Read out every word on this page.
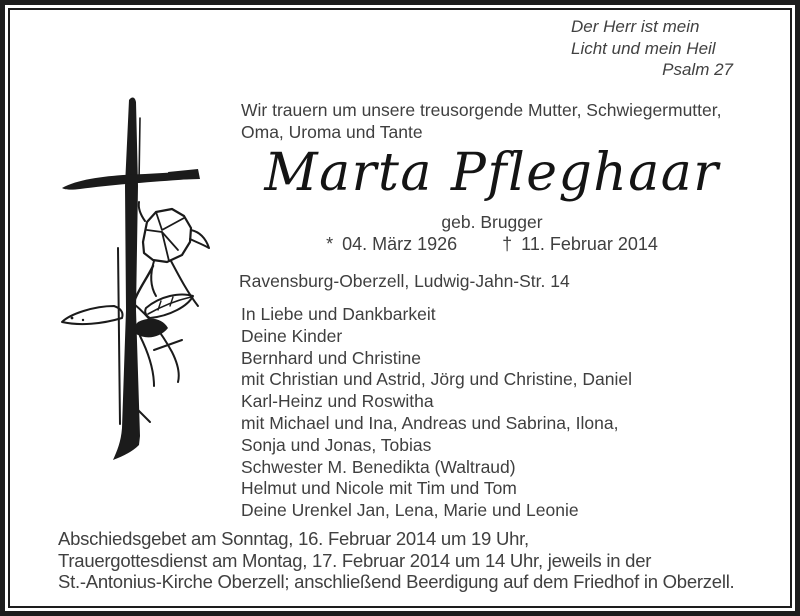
Der Herr ist mein
Licht und mein Heil
Psalm 27

Wir trauern um unsere treusorgende Mutter, Schwiegermutter, Oma, Uroma und Tante

Marta Pfleghaar
geb. Brugger
* 04. März 1926	† 11. Februar 2014
Ravensburg-Oberzell, Ludwig-Jahn-Str. 14
In Liebe und Dankbarkeit
Deine Kinder
Bernhard und Christine
mit Christian und Astrid, Jörg und Christine, Daniel
Karl-Heinz und Roswitha
mit Michael und Ina, Andreas und Sabrina, Ilona,
Sonja und Jonas, Tobias
Schwester M. Benedikta (Waltraud)
Helmut und Nicole mit Tim und Tom
Deine Urenkel Jan, Lena, Marie und Leonie
Abschiedsgebet am Sonntag, 16. Februar 2014 um 19 Uhr,
Trauergottesdienst am Montag, 17. Februar 2014 um 14 Uhr, jeweils in der
St.-Antonius-Kirche Oberzell; anschließend Beerdigung auf dem Friedhof in Oberzell.
